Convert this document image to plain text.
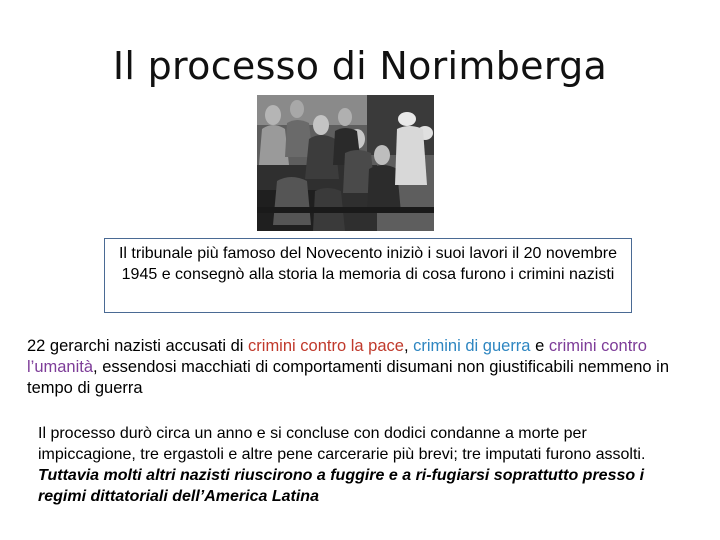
Il processo di Norimberga
Il tribunale più famoso del Novecento iniziò i suoi lavori il 20 novembre 1945 e consegnò alla storia la memoria di cosa furono i crimini nazisti
22 gerarchi nazisti accusati di crimini contro la pace, crimini di guerra e crimini contro l’umanità, essendosi macchiati di comportamenti disumani non giustificabili nemmeno in tempo di guerra
Il processo durò circa un anno e si concluse con dodici condanne a morte per impiccagione, tre ergastoli e altre pene carcerarie più brevi; tre imputati furono assolti. Tuttavia molti altri nazisti riuscirono a fuggire e a ri-fugiarsi soprattutto presso i regimi dittatoriali dell’America Latina
